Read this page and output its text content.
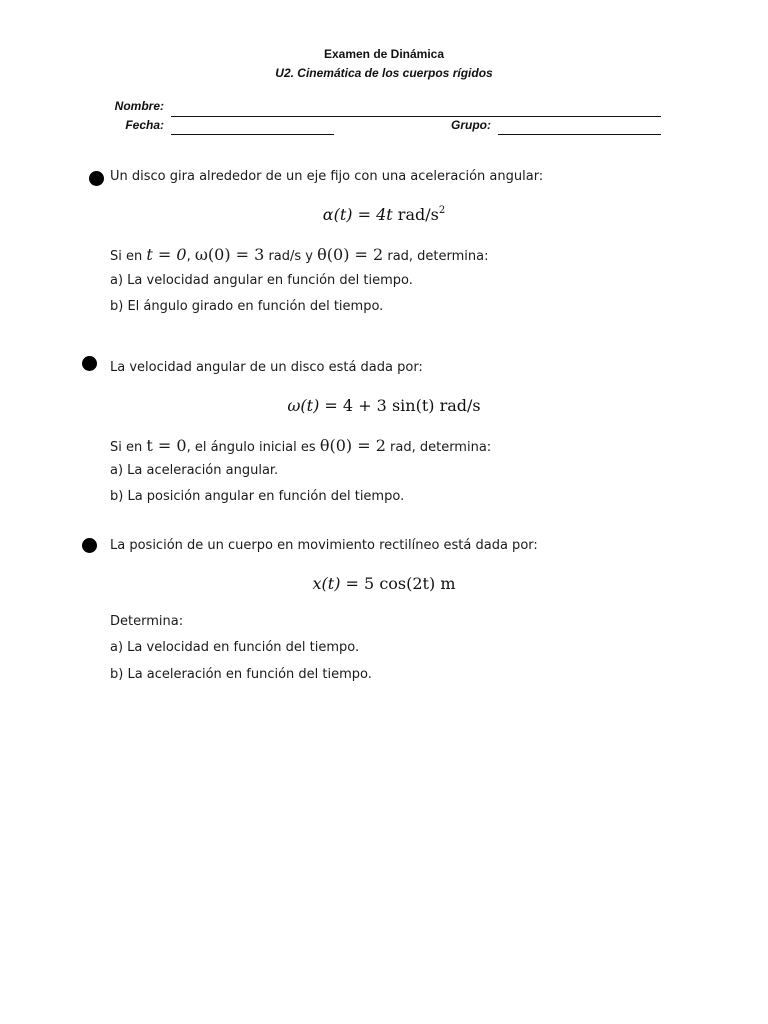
Examen de Dinámica
U2. Cinemática de los cuerpos rígidos
Nombre:
Fecha:	Grupo:
Un disco gira alrededor de un eje fijo con una aceleración angular:
α(t) = 4t rad/$s^2$
Si en t = 0, ω(0) = 3 rad/s y θ(0) = 2 rad, determina:
a) La velocidad angular en función del tiempo.
b) El ángulo girado en función del tiempo.
La velocidad angular de un disco está dada por:
ω(t) = 4 + 3 sin(t) rad/s
Si en t = 0, el ángulo inicial es θ(0) = 2 rad, determina:
a) La aceleración angular.
b) La posición angular en función del tiempo.
La posición de un cuerpo en movimiento rectilíneo está dada por:
x(t) = 5 cos(2t) m
Determina:
a) La velocidad en función del tiempo.
b) La aceleración en función del tiempo.
